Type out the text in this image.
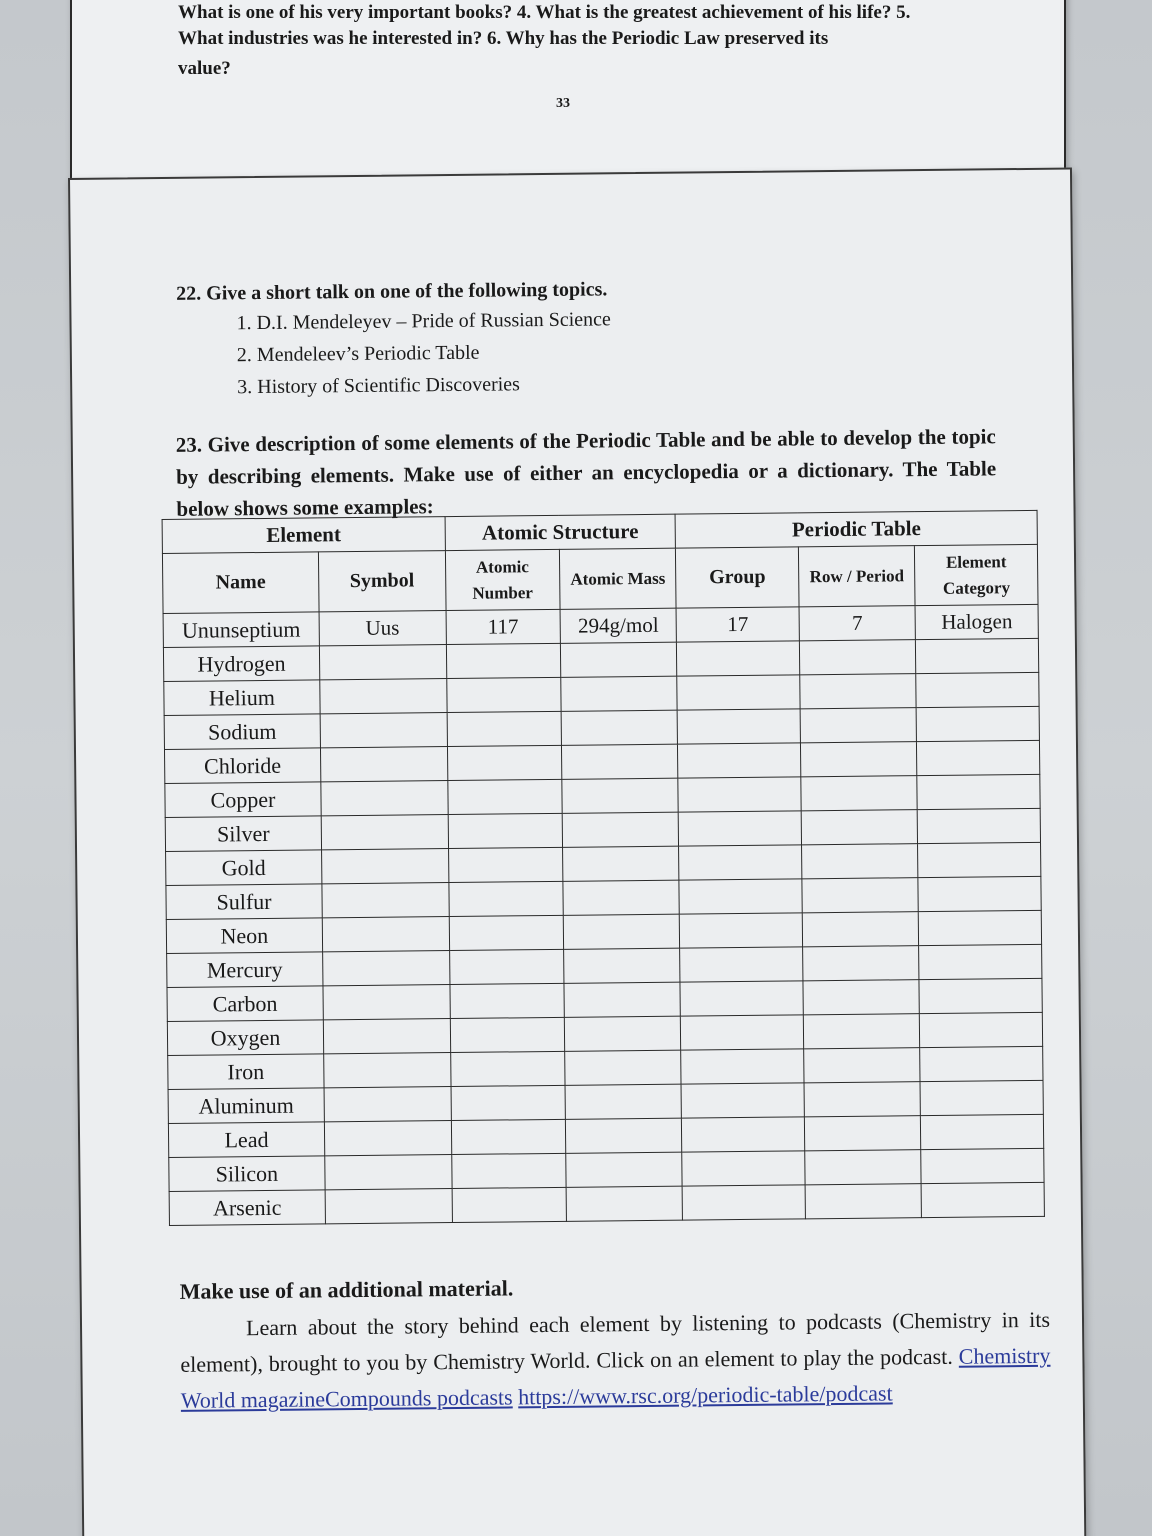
What is one of his very important books? 4. What is the greatest achievement of his life? 5.
What industries was he interested in? 6. Why has the Periodic Law preserved its
value?
33
22. Give a short talk on one of the following topics.
1. D.I. Mendeleyev – Pride of Russian Science
2. Mendeleev’s Periodic Table
3. History of Scientific Discoveries
23. Give description of some elements of the Periodic Table and be able to develop the topic by describing elements. Make use of either an encyclopedia or a dictionary. The Table below shows some examples:
Element		Atomic Structure		Periodic Table		
Name	Symbol	Atomic Number	Atomic Mass	Group	Row / Period	Element Category
Ununseptium	Uus	117	294g/mol	17	7	Halogen
Hydrogen						
Helium						
Sodium						
Chloride						
Copper						
Silver						
Gold						
Sulfur						
Neon						
Mercury						
Carbon						
Oxygen						
Iron						
Aluminum						
Lead						
Silicon						
Arsenic						
Make use of an additional material.
Learn about the story behind each element by listening to podcasts (Chemistry in its element), brought to you by Chemistry World. Click on an element to play the podcast. Chemistry World magazineCompounds podcasts https://www.rsc.org/periodic-table/podcast
